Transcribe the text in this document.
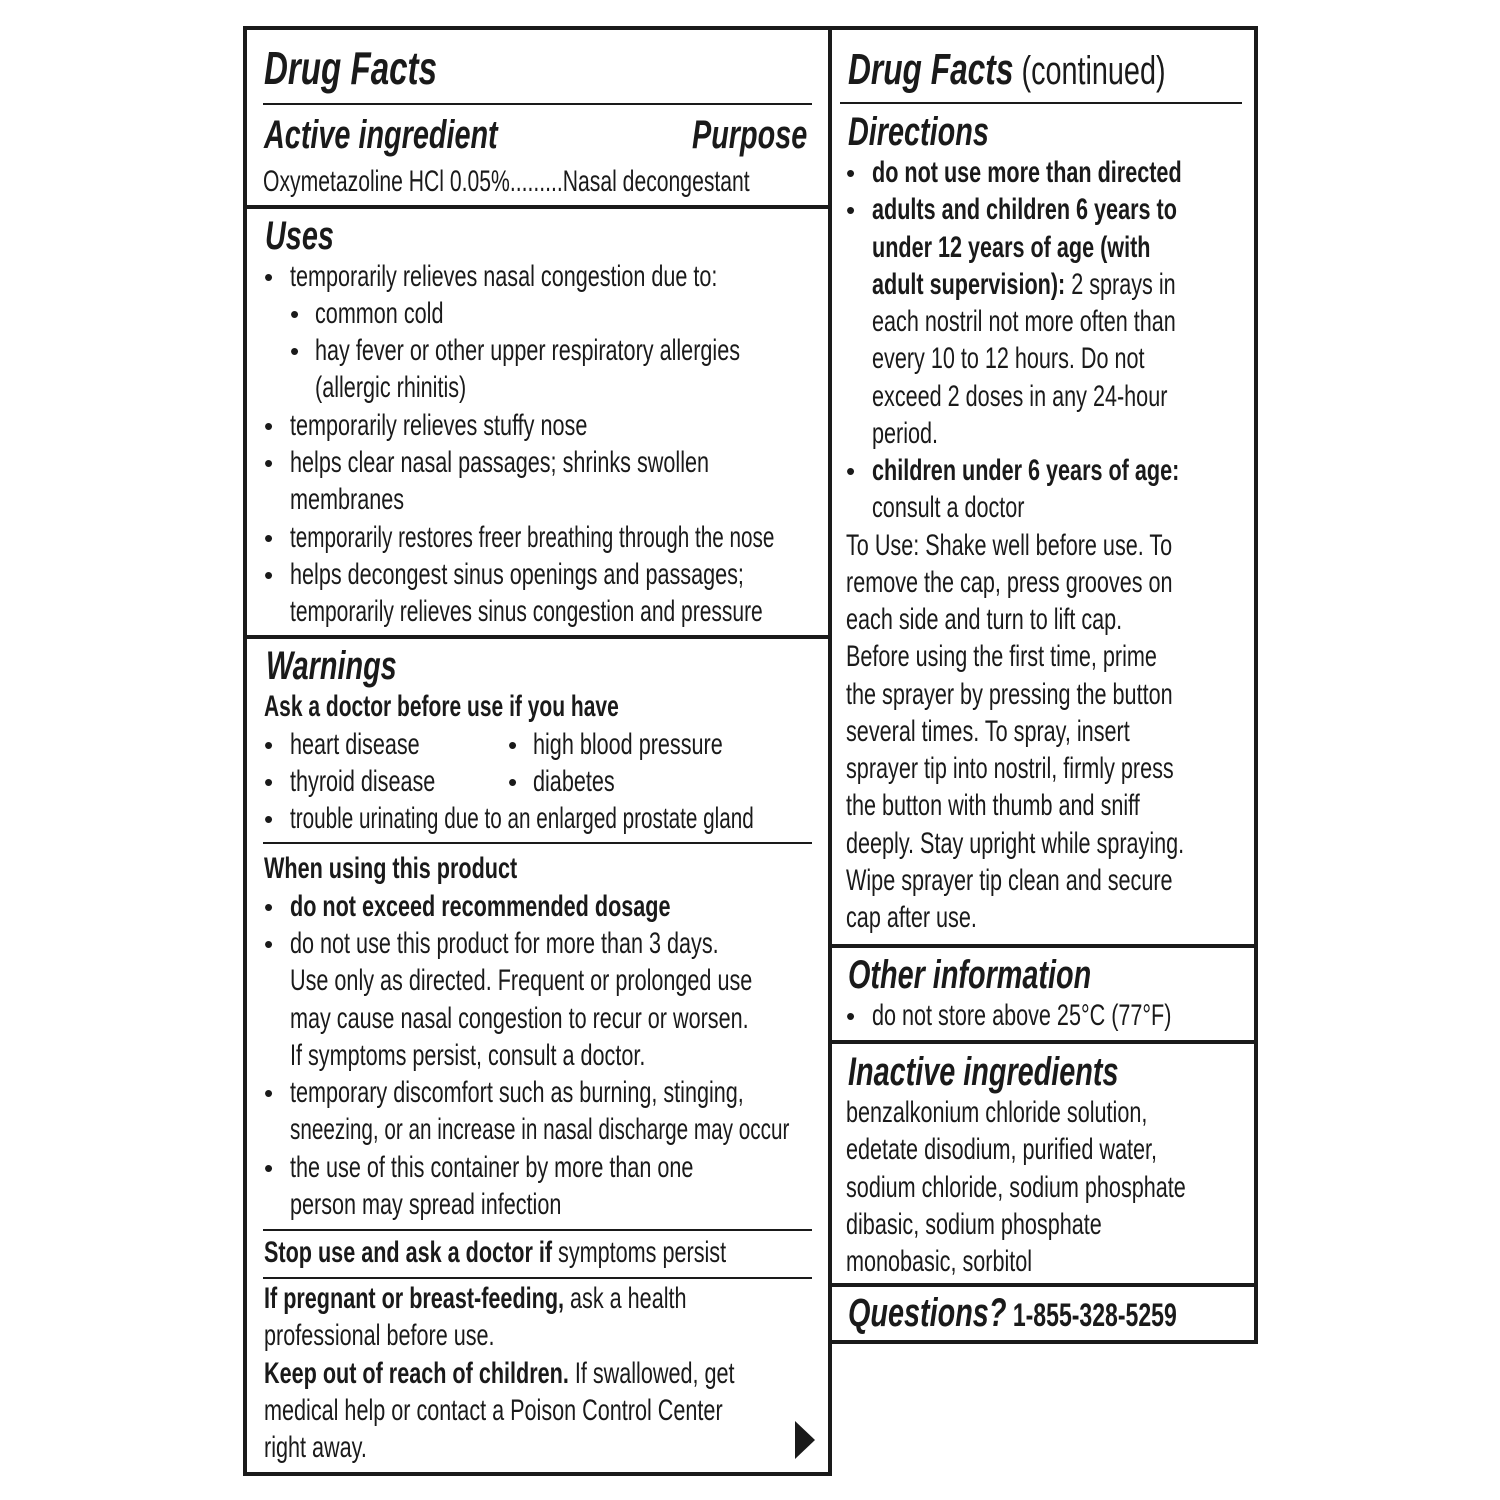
Drug Facts
Active ingredient	Purpose
Oxymetazoline HCl 0.05%.........Nasal decongestant
Uses
• temporarily relieves nasal congestion due to:
• common cold
• hay fever or other upper respiratory allergies
(allergic rhinitis)
• temporarily relieves stuffy nose
• helps clear nasal passages; shrinks swollen
membranes
• temporarily restores freer breathing through the nose
• helps decongest sinus openings and passages;
temporarily relieves sinus congestion and pressure
Warnings
Ask a doctor before use if you have
• heart disease	• high blood pressure
• thyroid disease	• diabetes
• trouble urinating due to an enlarged prostate gland
When using this product
• do not exceed recommended dosage
• do not use this product for more than 3 days.
Use only as directed. Frequent or prolonged use
may cause nasal congestion to recur or worsen.
If symptoms persist, consult a doctor.
• temporary discomfort such as burning, stinging,
sneezing, or an increase in nasal discharge may occur
• the use of this container by more than one
person may spread infection
Stop use and ask a doctor if symptoms persist
If pregnant or breast-feeding, ask a health
professional before use.
Keep out of reach of children. If swallowed, get
medical help or contact a Poison Control Center
right away.
Drug Facts (continued)
Directions
• do not use more than directed
• adults and children 6 years to
under 12 years of age (with
adult supervision): 2 sprays in
each nostril not more often than
every 10 to 12 hours. Do not
exceed 2 doses in any 24-hour
period.
• children under 6 years of age:
consult a doctor
To Use: Shake well before use. To
remove the cap, press grooves on
each side and turn to lift cap.
Before using the first time, prime
the sprayer by pressing the button
several times. To spray, insert
sprayer tip into nostril, firmly press
the button with thumb and sniff
deeply. Stay upright while spraying.
Wipe sprayer tip clean and secure
cap after use.
Other information
• do not store above 25°C (77°F)
Inactive ingredients
benzalkonium chloride solution,
edetate disodium, purified water,
sodium chloride, sodium phosphate
dibasic, sodium phosphate
monobasic, sorbitol
Questions? 1-855-328-5259
